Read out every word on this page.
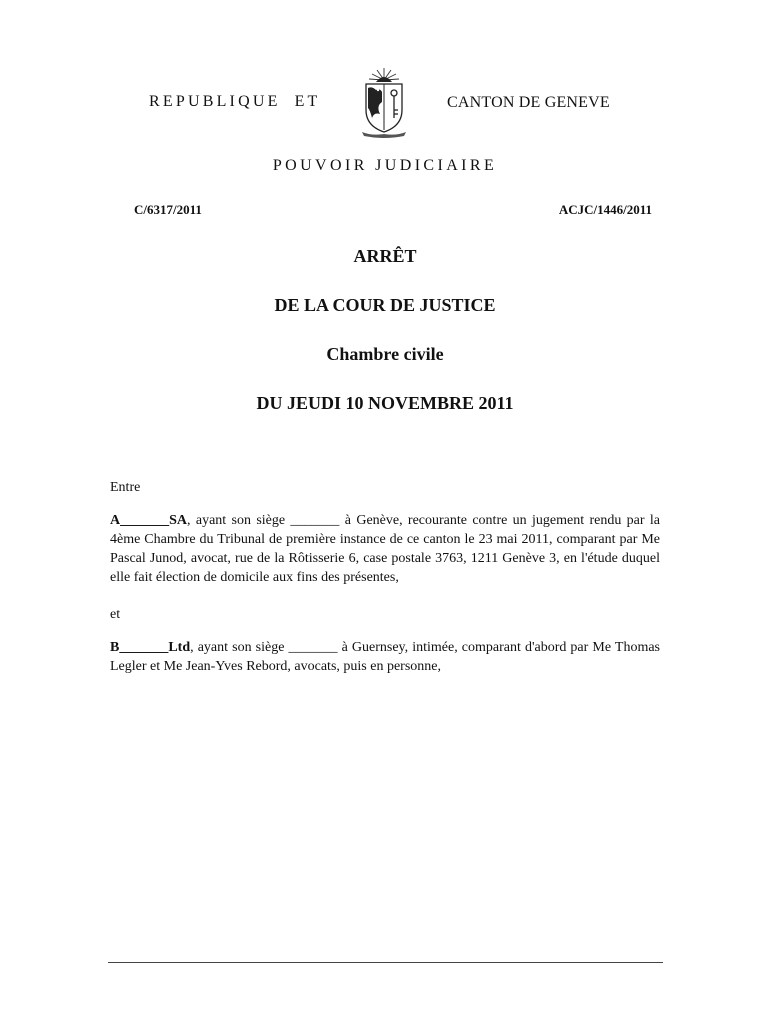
REPUBLIQUE ET	CANTON DE GENEVE
POUVOIR JUDICIAIRE
C/6317/2011	ACJC/1446/2011
ARRÊT
DE LA COUR DE JUSTICE
Chambre civile
DU JEUDI 10 NOVEMBRE 2011
Entre
A_______SA, ayant son siège _______ à Genève, recourante contre un jugement rendu par la 4ème Chambre du Tribunal de première instance de ce canton le 23 mai 2011, comparant par Me Pascal Junod, avocat, rue de la Rôtisserie 6, case postale 3763, 1211 Genève 3, en l'étude duquel elle fait élection de domicile aux fins des présentes,
et
B_______Ltd, ayant son siège _______ à Guernsey, intimée, comparant d'abord par Me Thomas Legler et Me Jean-Yves Rebord, avocats, puis en personne,
